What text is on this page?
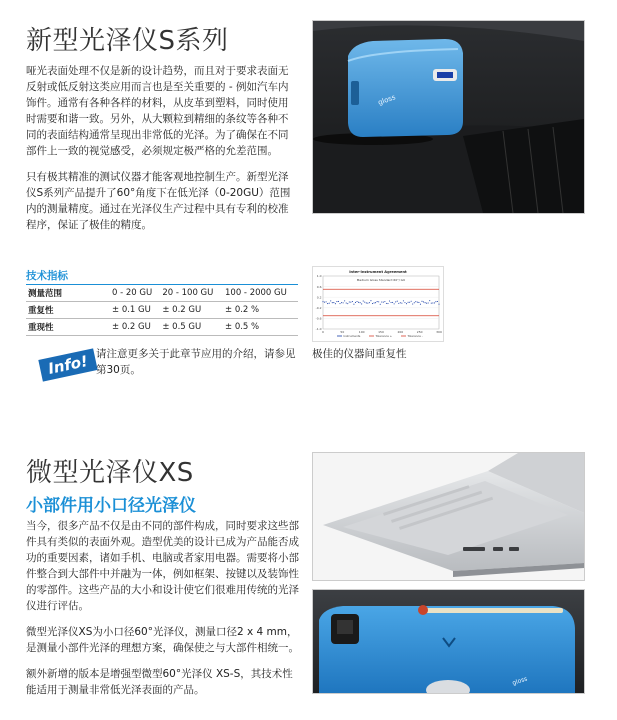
新型光泽仪S系列

哑光表面处理不仅是新的设计趋势，而且对于要求表面无反射或低反射这类应用而言也是至关重要的 - 例如汽车内饰件。通常有各种各样的材料，从皮革到塑料，同时使用时需要和谐一致。另外，从大颗粒到精细的条纹等各种不同的表面结构通常呈现出非常低的光泽。为了确保在不同部件上一致的视觉感受，必须规定极严格的允差范围。

只有极其精准的测试仪器才能客观地控制生产。新型光泽仪S系列产品提升了60°角度下在低光泽（0-20GU）范围内的测量精度。通过在光泽仪生产过程中具有专利的校准程序，保证了极佳的精度。

gloss
技术指标
测量范围	0 - 20 GU	20 - 100 GU	100 - 2000 GU
重复性	± 0.1 GU	± 0.2 GU	± 0.2 %
重现性	± 0.2 GU	± 0.5 GU	± 0.5 %
Inter-Instrument Agreement
1.0
0.6
0.2
-0.2
-0.6
-1.0
0	50	100	150	200	250	300
Medium Gloss Standard 60°/ GU
Instruments	Tolerance +	Tolerance -
极佳的仪器间重复性
Info! 请注意更多关于此章节应用的介绍，请参见第30页。
微型光泽仪XS
小部件用小口径光泽仪

当今，很多产品不仅是由不同的部件构成，同时要求这些部件具有类似的表面外观。造型优美的设计已成为产品能否成功的重要因素，诸如手机、电脑或者家用电器。需要将小部件整合到大部件中并融为一体，例如框架、按键以及装饰性的零部件。这些产品的大小和设计使它们很难用传统的光泽仪进行评估。

微型光泽仪XS为小口径60°光泽仪，测量口径2 x 4 mm，是测量小部件光泽的理想方案，确保使之与大部件相统一。

额外新增的版本是增强型微型60°光泽仪 XS-S，其技术性能适用于测量非常低光泽表面的产品。

gloss
